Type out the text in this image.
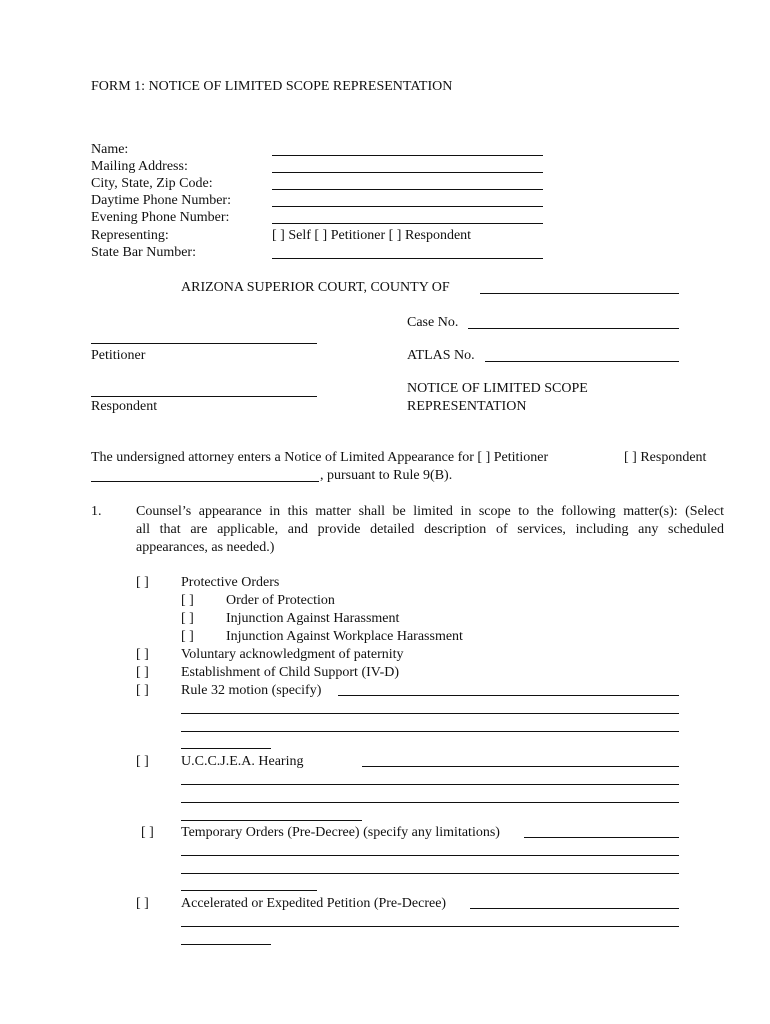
FORM 1: NOTICE OF LIMITED SCOPE REPRESENTATION
Name:
Mailing Address:
City, State, Zip Code:
Daytime Phone Number:
Evening Phone Number:
Representing:	[ ] Self [ ] Petitioner [ ] Respondent
State Bar Number:
ARIZONA SUPERIOR COURT, COUNTY OF
Case No.
Petitioner	ATLAS No.
NOTICE OF LIMITED SCOPE
REPRESENTATION
Respondent
The undersigned attorney enters a Notice of Limited Appearance for [ ] Petitioner	[ ] Respondent
, pursuant to Rule 9(B).
1. Counsel’s appearance in this matter shall be limited in scope to the following matter(s): (Select
all that are applicable, and provide detailed description of services, including any scheduled
appearances, as needed.)
[ ] Protective Orders
[ ] Order of Protection
[ ] Injunction Against Harassment
[ ] Injunction Against Workplace Harassment
[ ] Voluntary acknowledgment of paternity
[ ] Establishment of Child Support (IV-D)
[ ] Rule 32 motion (specify)
[ ] U.C.C.J.E.A. Hearing
[ ] Temporary Orders (Pre-Decree) (specify any limitations)
[ ] Accelerated or Expedited Petition (Pre-Decree)
